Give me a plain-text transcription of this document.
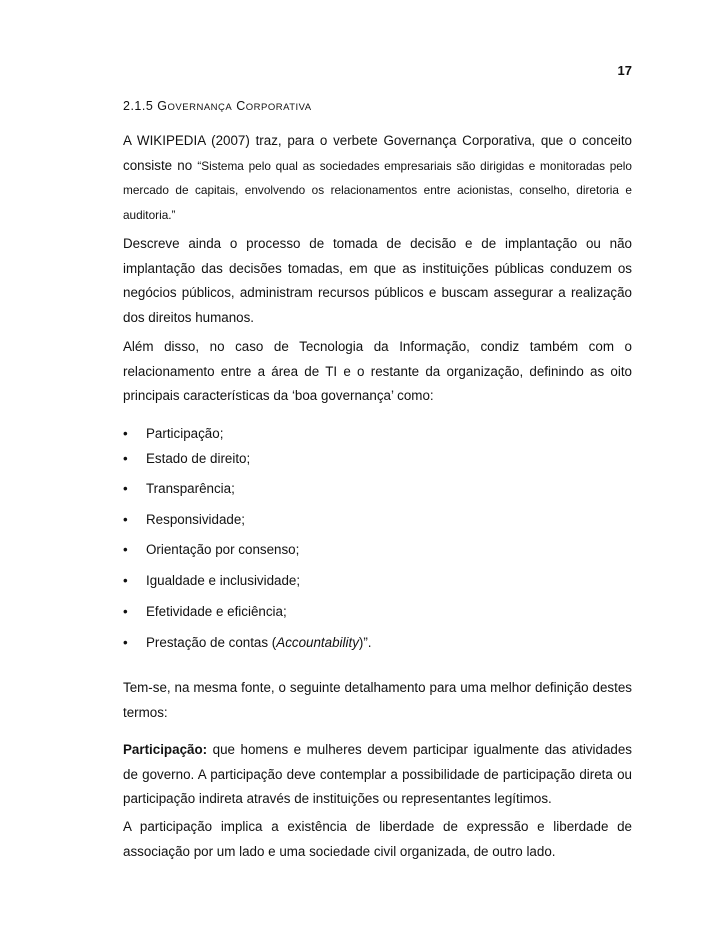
17
2.1.5 GOVERNANÇA CORPORATIVA

A WIKIPEDIA (2007) traz, para o verbete Governança Corporativa, que o conceito consiste no “Sistema pelo qual as sociedades empresariais são dirigidas e monitoradas pelo mercado de capitais, envolvendo os relacionamentos entre acionistas, conselho, diretoria e auditoria.”

Descreve ainda o processo de tomada de decisão e de implantação ou não implantação das decisões tomadas, em que as instituições públicas conduzem os negócios públicos, administram recursos públicos e buscam assegurar a realização dos direitos humanos.

Além disso, no caso de Tecnologia da Informação, condiz também com o relacionamento entre a área de TI e o restante da organização, definindo as oito principais características da ‘boa governança’ como:

•	Participação;
•	Estado de direito;
•	Transparência;
•	Responsividade;
•	Orientação por consenso;
•	Igualdade e inclusividade;
•	Efetividade e eficiência;
•	Prestação de contas (Accountability)”.

Tem-se, na mesma fonte, o seguinte detalhamento para uma melhor definição destes termos:

Participação: que homens e mulheres devem participar igualmente das atividades de governo. A participação deve contemplar a possibilidade de participação direta ou participação indireta através de instituições ou representantes legítimos.

A participação implica a existência de liberdade de expressão e liberdade de associação por um lado e uma sociedade civil organizada, de outro lado.
